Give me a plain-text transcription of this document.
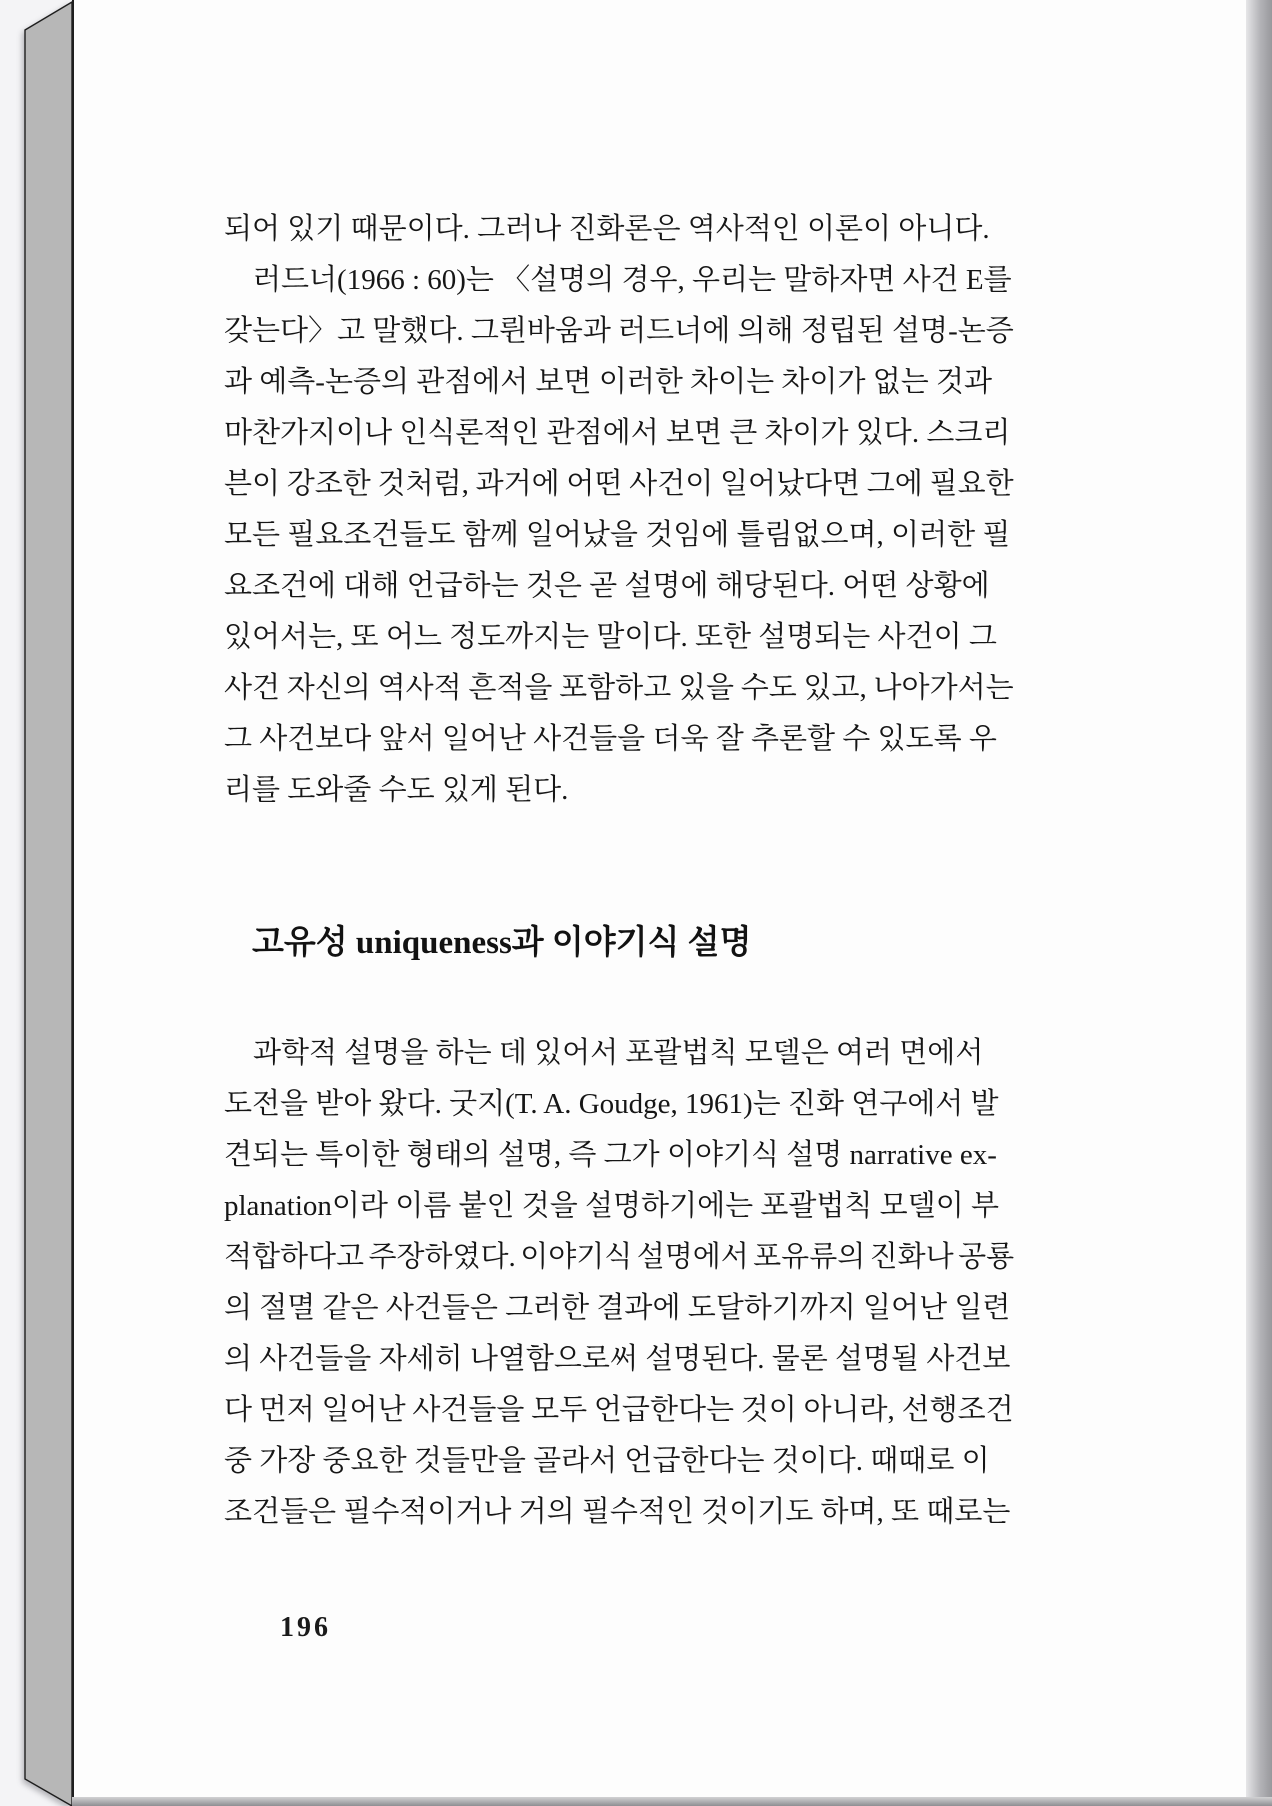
되어 있기 때문이다. 그러나 진화론은 역사적인 이론이 아니다.
　러드너(1966 : 60)는 〈설명의 경우, 우리는 말하자면 사건 E를
갖는다〉고 말했다. 그륀바움과 러드너에 의해 정립된 설명-논증
과 예측-논증의 관점에서 보면 이러한 차이는 차이가 없는 것과
마찬가지이나 인식론적인 관점에서 보면 큰 차이가 있다. 스크리
븐이 강조한 것처럼, 과거에 어떤 사건이 일어났다면 그에 필요한
모든 필요조건들도 함께 일어났을 것임에 틀림없으며, 이러한 필
요조건에 대해 언급하는 것은 곧 설명에 해당된다. 어떤 상황에
있어서는, 또 어느 정도까지는 말이다. 또한 설명되는 사건이 그
사건 자신의 역사적 흔적을 포함하고 있을 수도 있고, 나아가서는
그 사건보다 앞서 일어난 사건들을 더욱 잘 추론할 수 있도록 우
리를 도와줄 수도 있게 된다.
고유성 uniqueness과 이야기식 설명
　과학적 설명을 하는 데 있어서 포괄법칙 모델은 여러 면에서
도전을 받아 왔다. 굿지(T. A. Goudge, 1961)는 진화 연구에서 발
견되는 특이한 형태의 설명, 즉 그가 이야기식 설명 narrative ex-
planation이라 이름 붙인 것을 설명하기에는 포괄법칙 모델이 부
적합하다고 주장하였다. 이야기식 설명에서 포유류의 진화나 공룡
의 절멸 같은 사건들은 그러한 결과에 도달하기까지 일어난 일련
의 사건들을 자세히 나열함으로써 설명된다. 물론 설명될 사건보
다 먼저 일어난 사건들을 모두 언급한다는 것이 아니라, 선행조건
중 가장 중요한 것들만을 골라서 언급한다는 것이다. 때때로 이
조건들은 필수적이거나 거의 필수적인 것이기도 하며, 또 때로는
196
